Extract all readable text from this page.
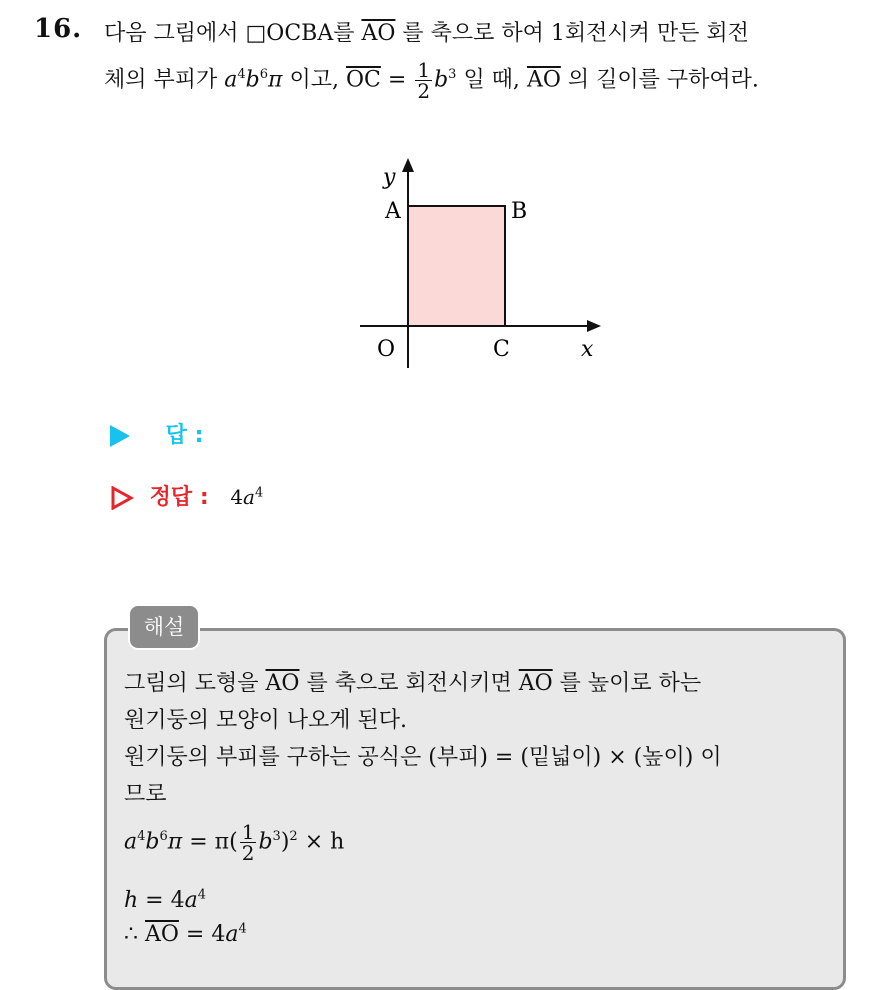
16. 다음 그림에서 □OCBA를 $\overline{AO}$ 를 축으로 하여 1회전시켜 만든 회전
체의 부피가 $a^4b^6\pi$ 이고, $\overline{OC} = \frac{1}{2} b^3$ 일 때, $\overline{AO}$ 의 길이를 구하여라.
y
x
A	B
O	C
답 :
정답 : $4a^4$
해설
그림의 도형을 $\overline{AO}$ 를 축으로 회전시키면 $\overline{AO}$ 를 높이로 하는
원기둥의 모양이 나오게 된다.
원기둥의 부피를 구하는 공식은 (부피) = (밑넓이) × (높이) 이
므로
$a^4b^6\pi = \pi( \frac{1}{2} b^3)^2 \times h$
$h = 4a^4$
∴ $\overline{AO} = 4a^4$
